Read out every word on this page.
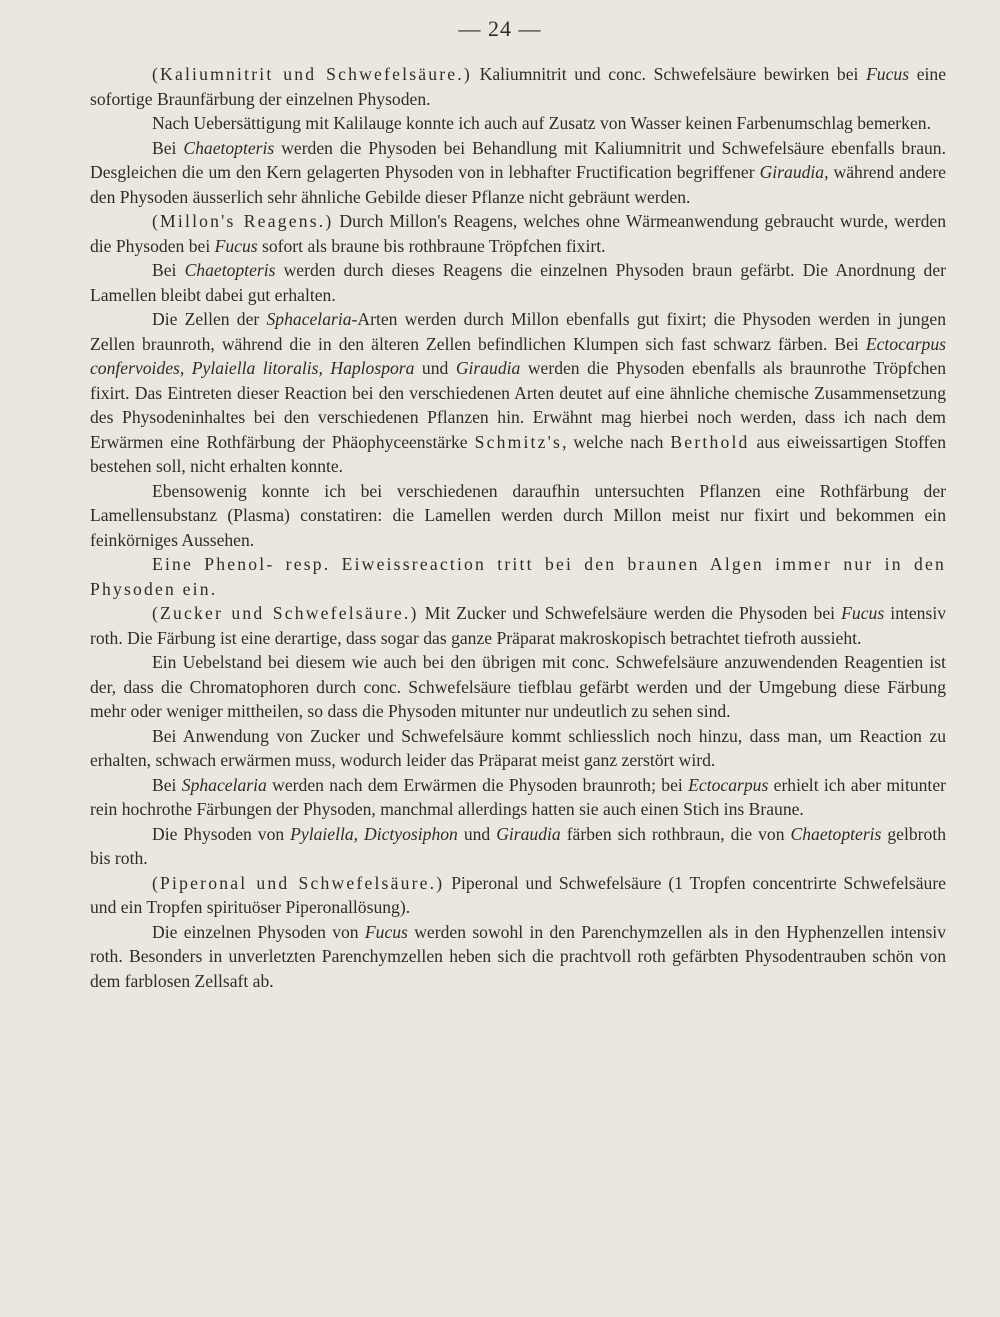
— 24 —

(Kaliumnitrit und Schwefelsäure.) Kaliumnitrit und conc. Schwefelsäure bewirken bei Fucus eine sofortige Braunfärbung der einzelnen Physoden.

Nach Uebersättigung mit Kalilauge konnte ich auch auf Zusatz von Wasser keinen Farbenumschlag bemerken.

Bei Chaetopteris werden die Physoden bei Behandlung mit Kaliumnitrit und Schwefelsäure ebenfalls braun. Desgleichen die um den Kern gelagerten Physoden von in lebhafter Fructification begriffener Giraudia, während andere den Physoden äusserlich sehr ähnliche Gebilde dieser Pflanze nicht gebräunt werden.

(Millon's Reagens.) Durch Millon's Reagens, welches ohne Wärmeanwendung gebraucht wurde, werden die Physoden bei Fucus sofort als braune bis rothbraune Tröpfchen fixirt.

Bei Chaetopteris werden durch dieses Reagens die einzelnen Physoden braun gefärbt. Die Anordnung der Lamellen bleibt dabei gut erhalten.

Die Zellen der Sphacelaria-Arten werden durch Millon ebenfalls gut fixirt; die Physoden werden in jungen Zellen braunroth, während die in den älteren Zellen befindlichen Klumpen sich fast schwarz färben. Bei Ectocarpus confervoides, Pylaiella litoralis, Haplospora und Giraudia werden die Physoden ebenfalls als braunrothe Tröpfchen fixirt. Das Eintreten dieser Reaction bei den verschiedenen Arten deutet auf eine ähnliche chemische Zusammensetzung des Physodeninhaltes bei den verschiedenen Pflanzen hin. Erwähnt mag hierbei noch werden, dass ich nach dem Erwärmen eine Rothfärbung der Phäophyceenstärke Schmitz's, welche nach Berthold aus eiweissartigen Stoffen bestehen soll, nicht erhalten konnte.

Ebensowenig konnte ich bei verschiedenen daraufhin untersuchten Pflanzen eine Rothfärbung der Lamellensubstanz (Plasma) constatiren: die Lamellen werden durch Millon meist nur fixirt und bekommen ein feinkörniges Aussehen.

Eine Phenol- resp. Eiweissreaction tritt bei den braunen Algen immer nur in den Physoden ein.

(Zucker und Schwefelsäure.) Mit Zucker und Schwefelsäure werden die Physoden bei Fucus intensiv roth. Die Färbung ist eine derartige, dass sogar das ganze Präparat makroskopisch betrachtet tiefroth aussieht.

Ein Uebelstand bei diesem wie auch bei den übrigen mit conc. Schwefelsäure anzuwendenden Reagentien ist der, dass die Chromatophoren durch conc. Schwefelsäure tiefblau gefärbt werden und der Umgebung diese Färbung mehr oder weniger mittheilen, so dass die Physoden mitunter nur undeutlich zu sehen sind.

Bei Anwendung von Zucker und Schwefelsäure kommt schliesslich noch hinzu, dass man, um Reaction zu erhalten, schwach erwärmen muss, wodurch leider das Präparat meist ganz zerstört wird.

Bei Sphacelaria werden nach dem Erwärmen die Physoden braunroth; bei Ectocarpus erhielt ich aber mitunter rein hochrothe Färbungen der Physoden, manchmal allerdings hatten sie auch einen Stich ins Braune.

Die Physoden von Pylaiella, Dictyosiphon und Giraudia färben sich rothbraun, die von Chaetopteris gelbroth bis roth.

(Piperonal und Schwefelsäure.) Piperonal und Schwefelsäure (1 Tropfen concentrirte Schwefelsäure und ein Tropfen spirituöser Piperonallösung).

Die einzelnen Physoden von Fucus werden sowohl in den Parenchymzellen als in den Hyphenzellen intensiv roth. Besonders in unverletzten Parenchymzellen heben sich die prachtvoll roth gefärbten Physodentrauben schön von dem farblosen Zellsaft ab.
